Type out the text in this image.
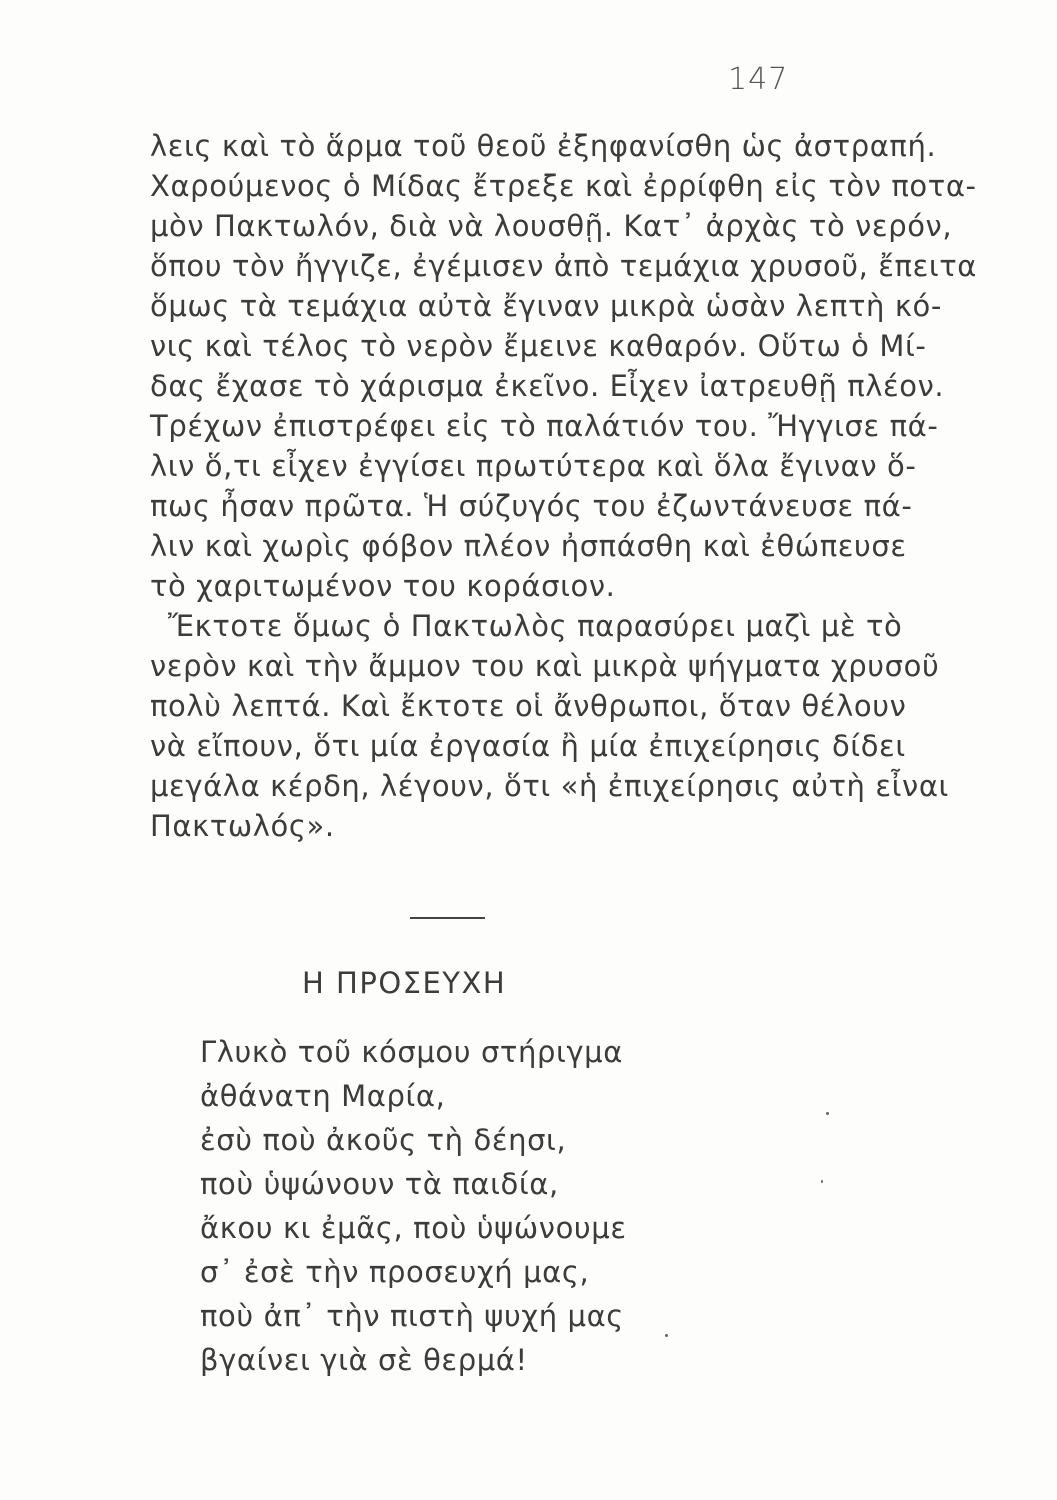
147
λεις καὶ τὸ ἅρμα τοῦ θεοῦ ἐξηφανίσθη ὡς ἀστραπή.
Χαρούμενος ὁ Μίδας ἔτρεξε καὶ ἐρρίφθη εἰς τὸν ποτα-
μὸν Πακτωλόν, διὰ νὰ λουσθῇ. Κατ᾽ ἀρχὰς τὸ νερόν,
ὅπου τὸν ἤγγιζε, ἐγέμισεν ἀπὸ τεμάχια χρυσοῦ, ἔπειτα
ὅμως τὰ τεμάχια αὐτὰ ἔγιναν μικρὰ ὡσὰν λεπτὴ κό-
νις καὶ τέλος τὸ νερὸν ἔμεινε καθαρόν. Οὕτω ὁ Μί-
δας ἔχασε τὸ χάρισμα ἐκεῖνο. Εἶχεν ἰατρευθῇ πλέον.
Τρέχων ἐπιστρέφει εἰς τὸ παλάτιόν του. Ἤγγισε πά-
λιν ὅ,τι εἶχεν ἐγγίσει πρωτύτερα καὶ ὅλα ἔγιναν ὅ-
πως ἦσαν πρῶτα. Ἡ σύζυγός του ἐζωντάνευσε πά-
λιν καὶ χωρὶς φόβον πλέον ἠσπάσθη καὶ ἐθώπευσε
τὸ χαριτωμένον του κοράσιον.
Ἔκτοτε ὅμως ὁ Πακτωλὸς παρασύρει μαζὶ μὲ τὸ
νερὸν καὶ τὴν ἄμμον του καὶ μικρὰ ψήγματα χρυσοῦ
πολὺ λεπτά. Καὶ ἔκτοτε οἱ ἄνθρωποι, ὅταν θέλουν
νὰ εἴπουν, ὅτι μία ἐργασία ἢ μία ἐπιχείρησις δίδει
μεγάλα κέρδη, λέγουν, ὅτι «ἡ ἐπιχείρησις αὐτὴ εἶναι
Πακτωλός».
Η ΠΡΟΣΕΥΧΗ
Γλυκὸ τοῦ κόσμου στήριγμα
ἀθάνατη Μαρία,
ἐσὺ ποὺ ἀκοῦς τὴ δέησι,
ποὺ ὑψώνουν τὰ παιδία,
ἄκου κι ἐμᾶς, ποὺ ὑψώνουμε
σ᾽ ἐσὲ τὴν προσευχή μας,
ποὺ ἀπ᾽ τὴν πιστὴ ψυχή μας
βγαίνει γιὰ σὲ θερμά!
